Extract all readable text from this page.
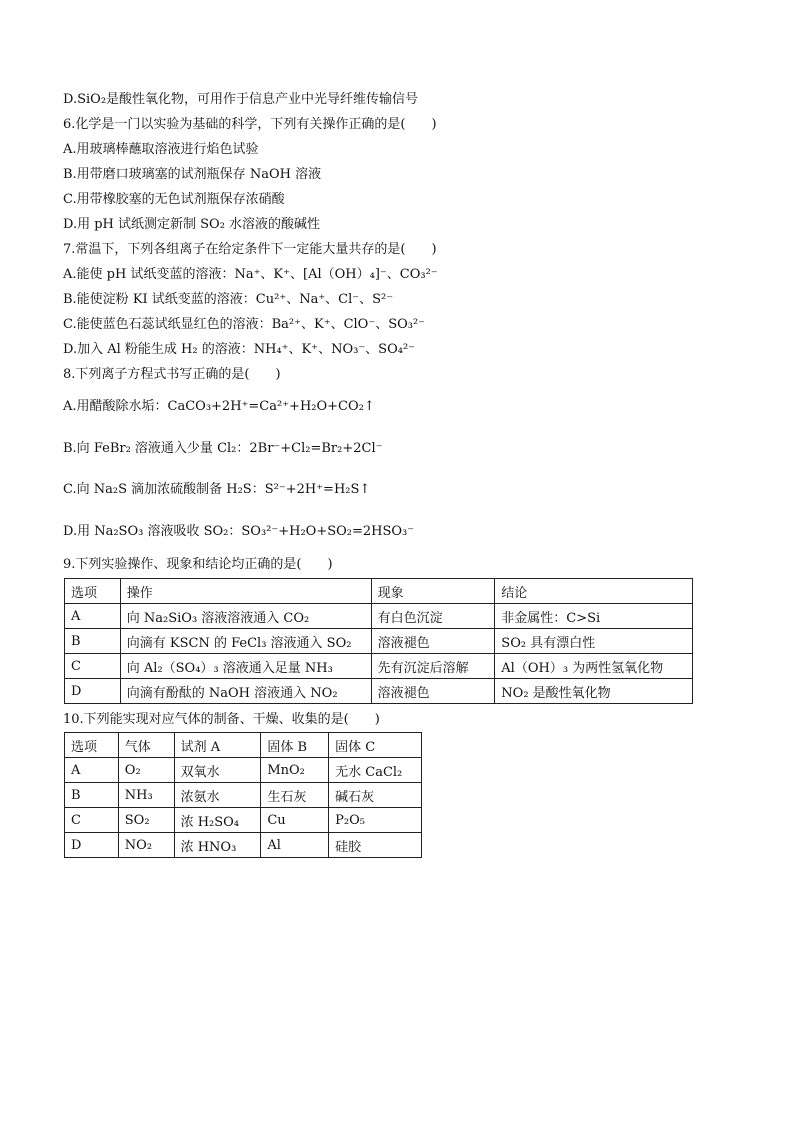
D.SiO₂是酸性氧化物，可用作于信息产业中光导纤维传输信号
6.化学是一门以实验为基础的科学，下列有关操作正确的是(　　)
A.用玻璃棒蘸取溶液进行焰色试验
B.用带磨口玻璃塞的试剂瓶保存 NaOH 溶液
C.用带橡胶塞的无色试剂瓶保存浓硝酸
D.用 pH 试纸测定新制 SO₂ 水溶液的酸碱性
7.常温下，下列各组离子在给定条件下一定能大量共存的是(　　)
A.能使 pH 试纸变蓝的溶液：Na⁺、K⁺、[Al（OH）₄]⁻、CO₃²⁻
B.能使淀粉 KI 试纸变蓝的溶液：Cu²⁺、Na⁺、Cl⁻、S²⁻
C.能使蓝色石蕊试纸显红色的溶液：Ba²⁺、K⁺、ClO⁻、SO₃²⁻
D.加入 Al 粉能生成 H₂ 的溶液：NH₄⁺、K⁺、NO₃⁻、SO₄²⁻
8.下列离子方程式书写正确的是(　　)
A.用醋酸除水垢：CaCO₃+2H⁺=Ca²⁺+H₂O+CO₂↑
B.向 FeBr₂ 溶液通入少量 Cl₂：2Br⁻+Cl₂=Br₂+2Cl⁻
C.向 Na₂S 滴加浓硫酸制备 H₂S：S²⁻+2H⁺=H₂S↑
D.用 Na₂SO₃ 溶液吸收 SO₂：SO₃²⁻+H₂O+SO₂=2HSO₃⁻
9.下列实验操作、现象和结论均正确的是(　　)
10.下列能实现对应气体的制备、干燥、收集的是(　　)
选项	操作	现象	结论
A	向 Na₂SiO₃ 溶液溶液通入 CO₂	有白色沉淀	非金属性：C>Si
B	向滴有 KSCN 的 FeCl₃ 溶液通入 SO₂	溶液褪色	SO₂ 具有漂白性
C	向 Al₂（SO₄）₃ 溶液通入足量 NH₃	先有沉淀后溶解	Al（OH）₃ 为两性氢氧化物
D	向滴有酚酞的 NaOH 溶液通入 NO₂	溶液褪色	NO₂ 是酸性氧化物
选项	气体	试剂 A	固体 B	固体 C
A	O₂	双氧水	MnO₂	无水 CaCl₂
B	NH₃	浓氨水	生石灰	碱石灰
C	SO₂	浓 H₂SO₄	Cu	P₂O₅
D	NO₂	浓 HNO₃	Al	硅胶
